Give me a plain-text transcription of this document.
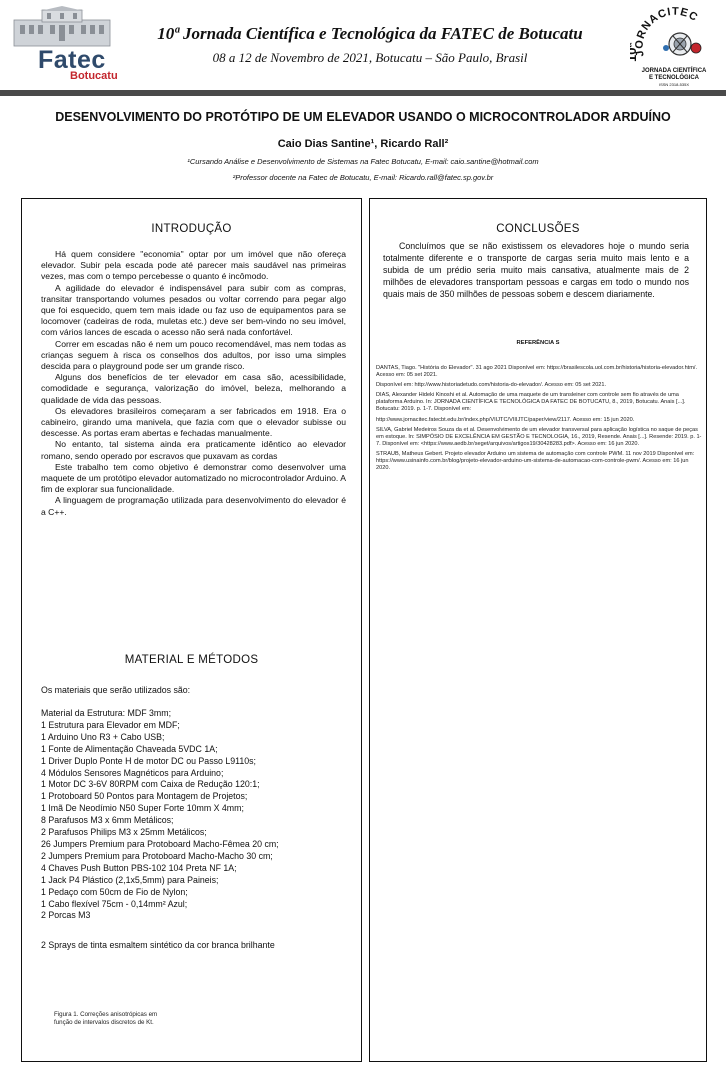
Fatec
Botucatu
10ª Jornada Científica e Tecnológica da FATEC de Botucatu
08 a 12 de Novembro de 2021, Botucatu – São Paulo, Brasil	JORNACITEC
10ª
JORNADA CIENTÍFICA
E TECNOLÓGICA
ISSN 2318-535X
DESENVOLVIMENTO DO PROTÓTIPO DE UM ELEVADOR USANDO O MICROCONTROLADOR ARDUÍNO
Caio Dias Santine¹, Ricardo Rall²
¹Cursando Análise e Desenvolvimento de Sistemas na Fatec Botucatu, E-mail: caio.santine@hotmail.com
²Professor docente na Fatec de Botucatu, E-mail: Ricardo.rall@fatec.sp.gov.br
INTRODUÇÃO

Há quem considere "economia" optar por um imóvel que não ofereça elevador. Subir pela escada pode até parecer mais saudável nas primeiras vezes, mas com o tempo percebesse o quanto é incômodo.

A agilidade do elevador é indispensável para subir com as compras, transitar transportando volumes pesados ou voltar correndo para pegar algo que foi esquecido, quem tem mais idade ou faz uso de equipamentos para se locomover (cadeiras de roda, muletas etc.) deve ser bem-vindo no seu imóvel, com vários lances de escada o acesso não será nada confortável.

Correr em escadas não é nem um pouco recomendável, mas nem todas as crianças seguem à risca os conselhos dos adultos, por isso uma simples descida para o playground pode ser um grande risco.

Alguns dos benefícios de ter elevador em casa são, acessibilidade, comodidade e segurança, valorização do imóvel, beleza, melhorando a qualidade de vida das pessoas.

Os elevadores brasileiros começaram a ser fabricados em 1918. Era o cabineiro, girando uma manivela, que fazia com que o elevador subisse ou descesse. As portas eram abertas e fechadas manualmente.

No entanto, tal sistema ainda era praticamente idêntico ao elevador romano, sendo operado por escravos que puxavam as cordas

Este trabalho tem como objetivo é demonstrar como desenvolver uma maquete de um protótipo elevador automatizado no microcontrolador Arduino. A fim de explorar sua funcionalidade.

A linguagem de programação utilizada para desenvolvimento do elevador é a C++.

MATERIAL E MÉTODOS
Os materiais que serão utilizados são:
Material da Estrutura: MDF 3mm;
1 Estrutura para Elevador em MDF;
1 Arduino Uno R3 + Cabo USB;
1 Fonte de Alimentação Chaveada 5VDC 1A;
1 Driver Duplo Ponte H de motor DC ou Passo L9110s;
4 Módulos Sensores Magnéticos para Arduino;
1 Motor DC 3-6V 80RPM com Caixa de Redução 120:1;
1 Protoboard 50 Pontos para Montagem de Projetos;
1 Imã De Neodímio N50 Super Forte 10mm X 4mm;
8 Parafusos M3 x 6mm Metálicos;
2 Parafusos Philips M3 x 25mm Metálicos;
26 Jumpers Premium para Protoboard Macho-Fêmea 20 cm;
2 Jumpers Premium para Protoboard Macho-Macho 30 cm;
4 Chaves Push Button PBS-102 104 Preta NF 1A;
1 Jack P4 Plástico (2,1x5,5mm) para Paineis;
1 Pedaço com 50cm de Fio de Nylon;
1 Cabo flexível 75cm - 0,14mm² Azul;
2 Porcas M3
2 Sprays de tinta esmaltem sintético da cor branca brilhante
Figura 1. Correções anisotrópicas em
função de intervalos discretos de Kt.
CONCLUSÕES

Concluímos que se não existissem os elevadores hoje o mundo seria totalmente diferente e o transporte de cargas seria muito mais lento e a subida de um prédio seria muito mais cansativa, atualmente mais de 2 milhões de elevadores transportam pessoas e cargas em todo o mundo nos quais mais de 350 milhões de pessoas sobem e descem diariamente.

REFERÊNCIA S
DANTAS, Tiago. "História do Elevador". 31 ago 2021 Disponível em: https://brasilescola.uol.com.br/historia/historia-elevador.htm/. Acesso em: 05 set 2021.
Disponível em: http://www.historiadetudo.com/historia-do-elevador/. Acesso em: 05 set 2021.
DIAS, Alexander Hideki Kinoshi et al. Automação de uma maquete de um transleiner com controle sem fio através de uma plataforma Arduino. In: JORNADA CIENTÍFICA E TECNOLÓGICA DA FATEC DE BOTUCATU, 8., 2019, Botucatu. Anais [...]. Botucatu: 2019. p. 1-7. Disponível em:
http://www.jornacitec.fatecbt.edu.br/index.php/VIIJTC/VIIIJTC/paper/view/2117. Acesso em: 15 jun 2020.
SILVA, Gabriel Medeiros Souza da et al. Desenvolvimento de um elevador transversal para aplicação logística no saque de peças em estoque. In: SIMPÓSIO DE EXCELÊNCIA EM GESTÃO E TECNOLOGIA, 16., 2019, Resende. Anais [...]. Resende: 2019. p. 1-7. Disponível em: <https://www.aedb.br/seget/arquivos/artigos19/30428283.pdf>. Acesso em: 16 jun 2020.
STRAUB, Matheus Gebert. Projeto elevador Arduino um sistema de automação com controle PWM. 11 nov 2019 Disponível em: https://www.usinainfo.com.br/blog/projeto-elevador-arduino-um-sistema-de-automacao-com-controle-pwm/. Acesso em: 16 jun 2020.
